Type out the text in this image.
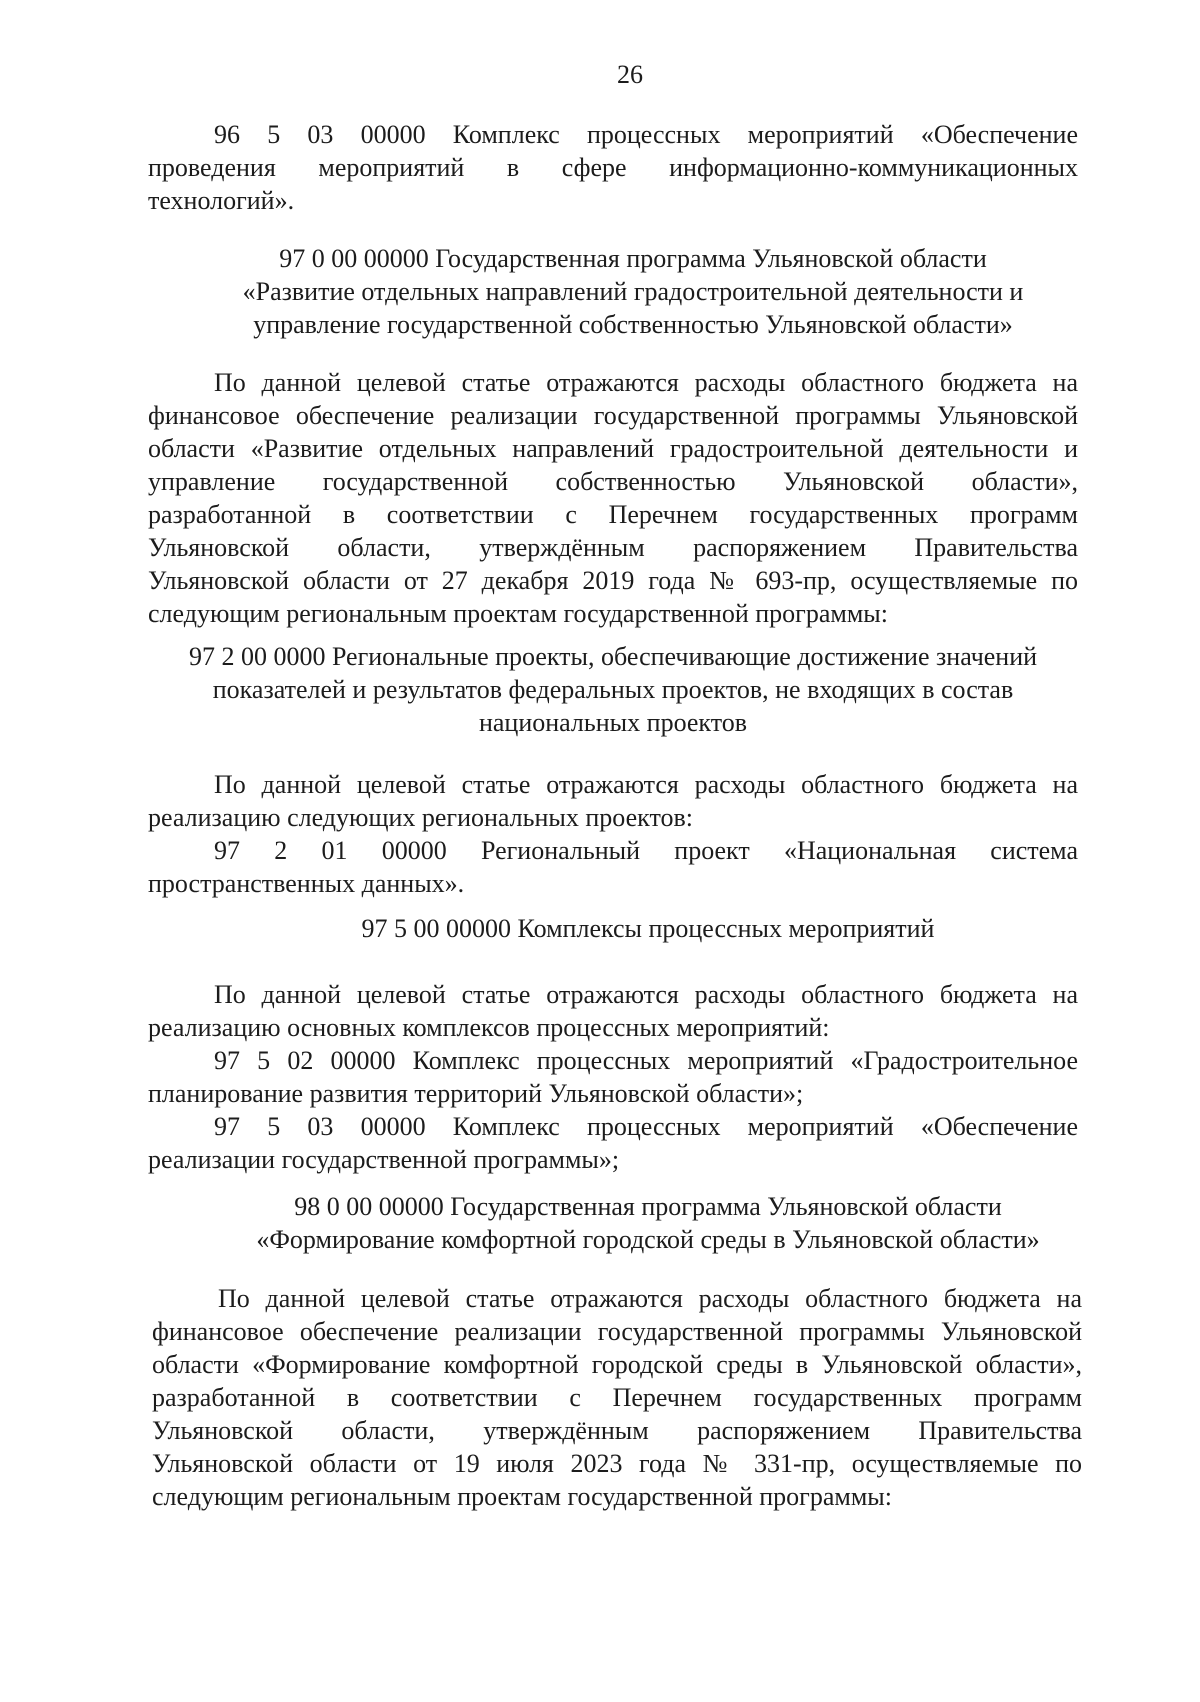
26
96 5 03 00000 Комплекс процессных мероприятий «Обеспечение
проведения мероприятий в сфере информационно-коммуникационных
технологий».
97 0 00 00000 Государственная программа Ульяновской области
«Развитие отдельных направлений градостроительной деятельности и
управление государственной собственностью Ульяновской области»
По данной целевой статье отражаются расходы областного бюджета на
финансовое обеспечение реализации государственной программы Ульяновской
области «Развитие отдельных направлений градостроительной деятельности и
управление государственной собственностью Ульяновской области»,
разработанной в соответствии с Перечнем государственных программ
Ульяновской области, утверждённым распоряжением Правительства
Ульяновской области от 27 декабря 2019 года № 693-пр, осуществляемые по
следующим региональным проектам государственной программы:
97 2 00 0000 Региональные проекты, обеспечивающие достижение значений
показателей и результатов федеральных проектов, не входящих в состав
национальных проектов
По данной целевой статье отражаются расходы областного бюджета на
реализацию следующих региональных проектов:
97 2 01 00000 Региональный проект «Национальная система
пространственных данных».
97 5 00 00000 Комплексы процессных мероприятий
По данной целевой статье отражаются расходы областного бюджета на
реализацию основных комплексов процессных мероприятий:
97 5 02 00000 Комплекс процессных мероприятий «Градостроительное
планирование развития территорий Ульяновской области»;
97 5 03 00000 Комплекс процессных мероприятий «Обеспечение
реализации государственной программы»;
98 0 00 00000 Государственная программа Ульяновской области
«Формирование комфортной городской среды в Ульяновской области»
По данной целевой статье отражаются расходы областного бюджета на
финансовое обеспечение реализации государственной программы Ульяновской
области «Формирование комфортной городской среды в Ульяновской области»,
разработанной в соответствии с Перечнем государственных программ
Ульяновской области, утверждённым распоряжением Правительства
Ульяновской области от 19 июля 2023 года № 331-пр, осуществляемые по
следующим региональным проектам государственной программы:
